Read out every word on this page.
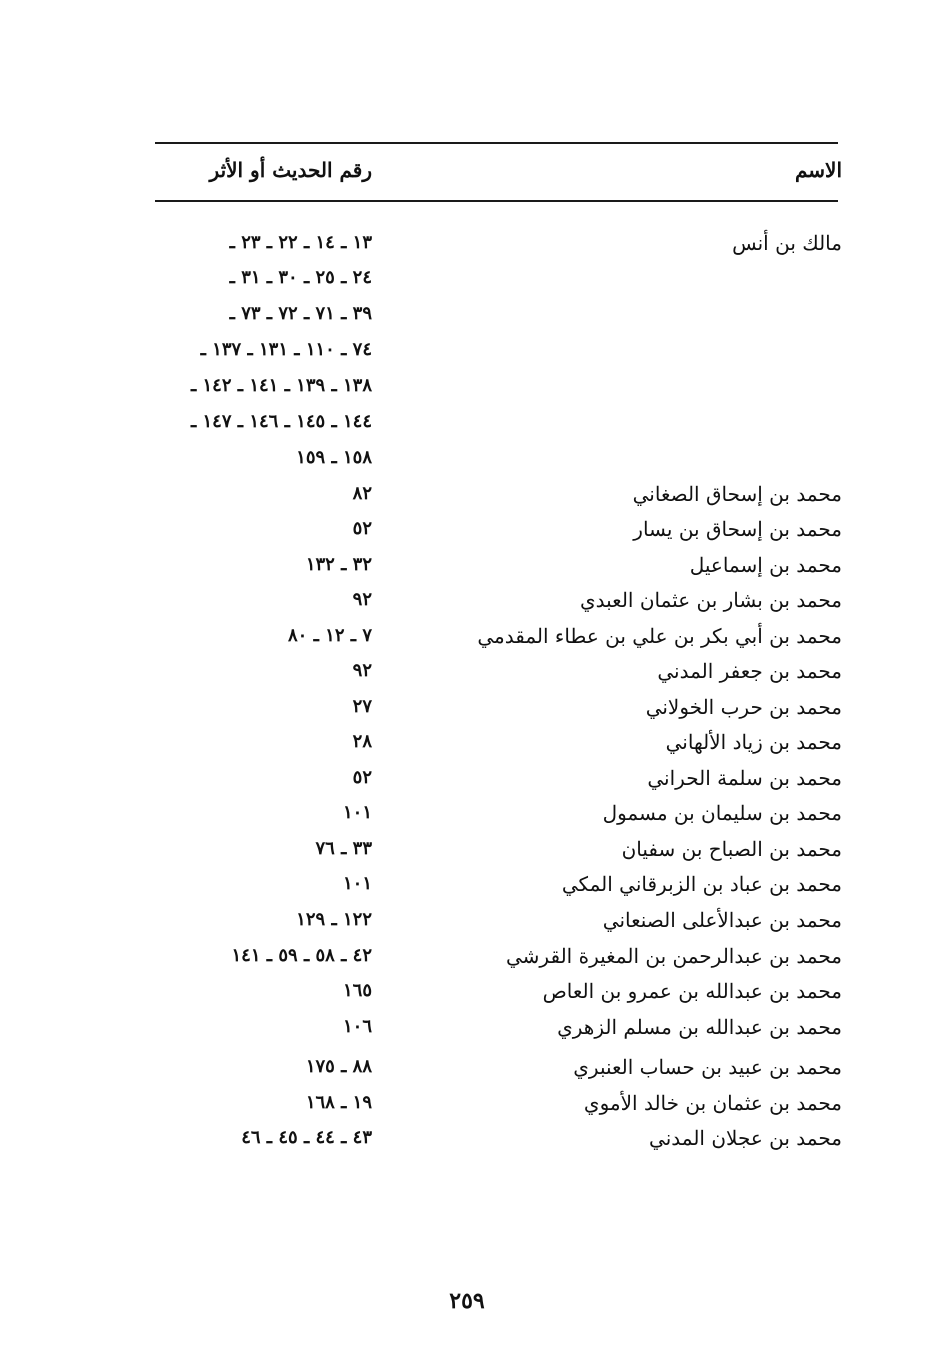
الاسم
رقم الحديث أو الأثر
مالك بن أنس
١٣ ـ ١٤ ـ ٢٢ ـ ٢٣ ـ
٢٤ ـ ٢٥ ـ ٣٠ ـ ٣١ ـ
٣٩ ـ ٧١ ـ ٧٢ ـ ٧٣ ـ
٧٤ ـ ١١٠ ـ ١٣١ ـ ١٣٧ ـ
١٣٨ ـ ١٣٩ ـ ١٤١ ـ ١٤٢ ـ
١٤٤ ـ ١٤٥ ـ ١٤٦ ـ ١٤٧ ـ
١٥٨ ـ ١٥٩
محمد بن إسحاق الصغاني
٨٢
محمد بن إسحاق بن يسار
٥٢
محمد بن إسماعيل
٣٢ ـ ١٣٢
محمد بن بشار بن عثمان العبدي
٩٢
محمد بن أبي بكر بن علي بن عطاء المقدمي
٧ ـ ١٢ ـ ٨٠
محمد بن جعفر المدني
٩٢
محمد بن حرب الخولاني
٢٧
محمد بن زياد الألهاني
٢٨
محمد بن سلمة الحراني
٥٢
محمد بن سليمان بن مسمول
١٠١
محمد بن الصباح بن سفيان
٣٣ ـ ٧٦
محمد بن عباد بن الزبرقاني المكي
١٠١
محمد بن عبدالأعلى الصنعاني
١٢٢ ـ ١٢٩
محمد بن عبدالرحمن بن المغيرة القرشي
٤٢ ـ ٥٨ ـ ٥٩ ـ ١٤١
محمد بن عبدالله بن عمرو بن العاص
١٦٥
محمد بن عبدالله بن مسلم الزهري
١٠٦
محمد بن عبيد بن حساب العنبري
٨٨ ـ ١٧٥
محمد بن عثمان بن خالد الأموي
١٩ ـ ١٦٨
محمد بن عجلان المدني
٤٣ ـ ٤٤ ـ ٤٥ ـ ٤٦
٢٥٩
